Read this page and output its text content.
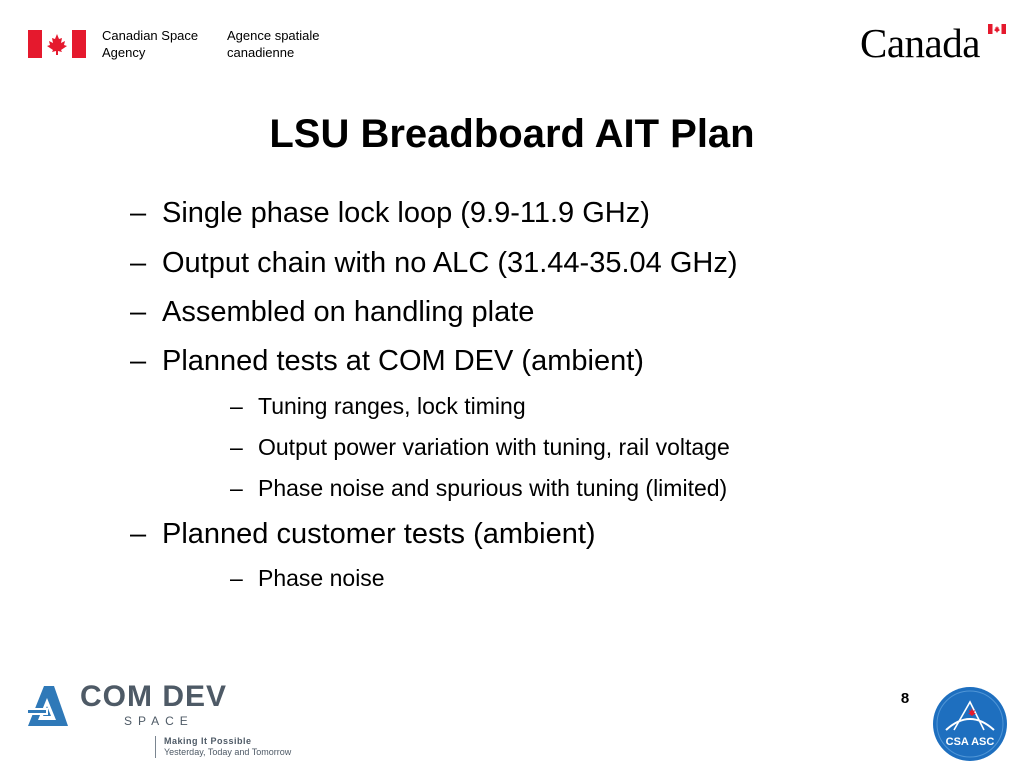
Canadian Space Agency
Agence spatiale canadienne	Canada
LSU Breadboard AIT Plan
– Single phase lock loop (9.9-11.9 GHz)
– Output chain with no ALC (31.44-35.04 GHz)
– Assembled on handling plate
– Planned tests at COM DEV (ambient)
– Tuning ranges, lock timing
– Output power variation with tuning, rail voltage
– Phase noise and spurious with tuning (limited)
– Planned customer tests (ambient)
– Phase noise
8
COM DEV
SPACE
Making It Possible
Yesterday, Today and Tomorrow
CSA ASC
